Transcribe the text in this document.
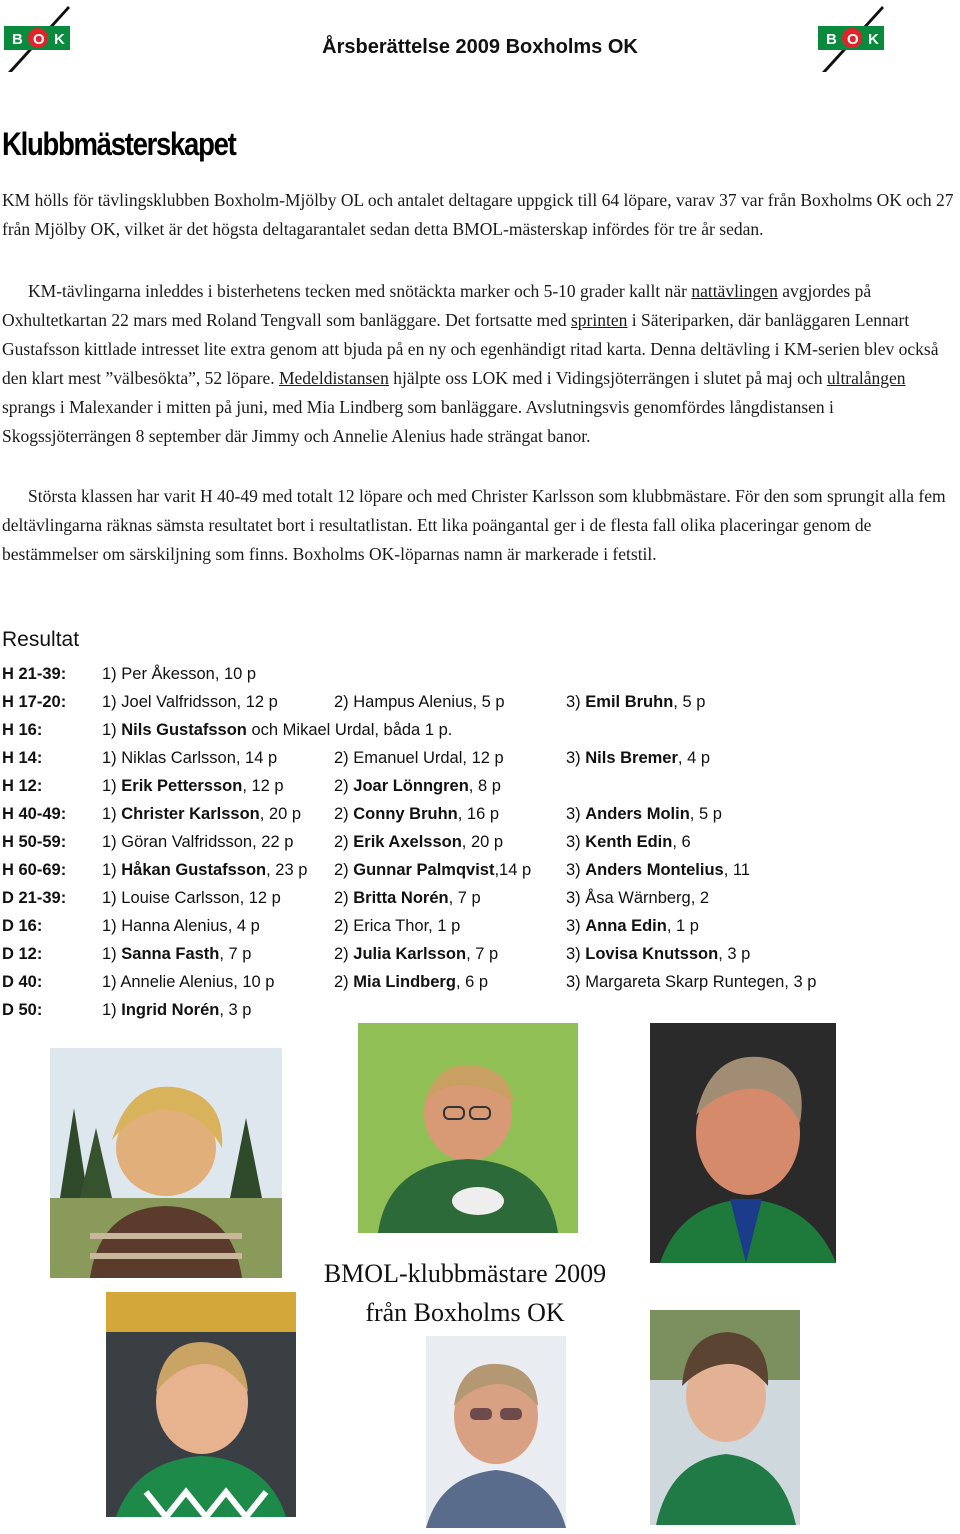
B O K	Årsberättelse 2009 Boxholms OK	B O K
Klubbmästerskapet
KM hölls för tävlingsklubben Boxholm-Mjölby OL och antalet deltagare uppgick till 64 löpare, varav 37 var från Boxholms OK och 27 från Mjölby OK, vilket är det högsta deltagarantalet sedan detta BMOL-mästerskap infördes för tre år sedan.
KM-tävlingarna inleddes i bisterhetens tecken med snötäckta marker och 5-10 grader kallt när nattävlingen avgjordes på Oxhultetkartan 22 mars med Roland Tengvall som banläggare. Det fortsatte med sprinten i Säteriparken, där banläggaren Lennart Gustafsson kittlade intresset lite extra genom att bjuda på en ny och egenhändigt ritad karta. Denna deltävling i KM-serien blev också den klart mest ”välbesökta”, 52 löpare. Medeldistansen hjälpte oss LOK med i Vidingsjöterrängen i slutet på maj och ultralången sprangs i Malexander i mitten på juni, med Mia Lindberg som banläggare. Avslutningsvis genomfördes långdistansen i Skogssjöterrängen 8 september där Jimmy och Annelie Alenius hade strängat banor.
Största klassen har varit H 40-49 med totalt 12 löpare och med Christer Karlsson som klubbmästare. För den som sprungit alla fem deltävlingarna räknas sämsta resultatet bort i resultatlistan. Ett lika poängantal ger i de flesta fall olika placeringar genom de bestämmelser om särskiljning som finns. Boxholms OK-löparnas namn är markerade i fetstil.
Resultat
H 21-39: 1) Per Åkesson, 10 p
H 17-20: 1) Joel Valfridsson, 12 p	2) Hampus Alenius, 5 p	3) Emil Bruhn, 5 p
H 16:	1) Nils Gustafsson och Mikael Urdal, båda 1 p.
H 14:	1) Niklas Carlsson, 14 p	2) Emanuel Urdal, 12 p	3) Nils Bremer, 4 p
H 12:	1) Erik Pettersson, 12 p	2) Joar Lönngren, 8 p
H 40-49: 1) Christer Karlsson, 20 p 2) Conny Bruhn, 16 p	3) Anders Molin, 5 p
H 50-59: 1) Göran Valfridsson, 22 p 2) Erik Axelsson, 20 p	3) Kenth Edin, 6
H 60-69: 1) Håkan Gustafsson, 23 p 2) Gunnar Palmqvist,14 p 3) Anders Montelius, 11
D 21-39: 1) Louise Carlsson, 12 p	2) Britta Norén, 7 p	3) Åsa Wärnberg, 2
D 16:	1) Hanna Alenius, 4 p	2) Erica Thor, 1 p	3) Anna Edin, 1 p
D 12:	1) Sanna Fasth, 7 p	2) Julia Karlsson, 7 p	3) Lovisa Knutsson, 3 p
D 40:	1) Annelie Alenius, 10 p	2) Mia Lindberg, 6 p	3) Margareta Skarp Runtegen, 3 p
D 50:	1) Ingrid Norén, 3 p
BMOL-klubbmästare 2009
från Boxholms OK
